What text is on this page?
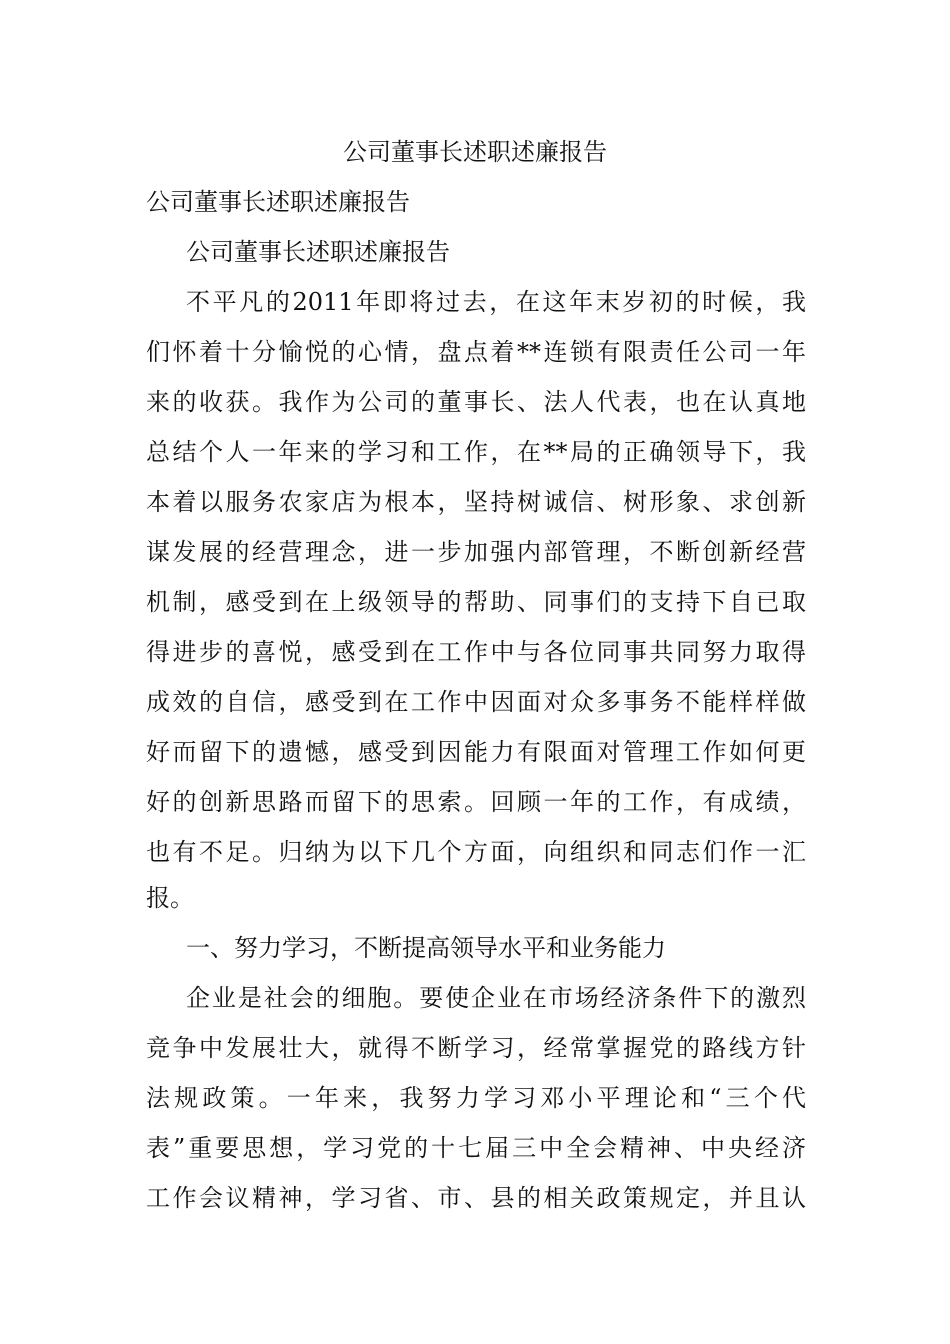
公司董事长述职述廉报告

公司董事长述职述廉报告

公司董事长述职述廉报告

不平凡的2011年即将过去，在这年末岁初的时候，我

们怀着十分愉悦的心情，盘点着**连锁有限责任公司一年

来的收获。我作为公司的董事长、法人代表，也在认真地

总结个人一年来的学习和工作，在**局的正确领导下，我

本着以服务农家店为根本，坚持树诚信、树形象、求创新

谋发展的经营理念，进一步加强内部管理，不断创新经营

机制，感受到在上级领导的帮助、同事们的支持下自已取

得进步的喜悦，感受到在工作中与各位同事共同努力取得

成效的自信，感受到在工作中因面对众多事务不能样样做

好而留下的遗憾，感受到因能力有限面对管理工作如何更

好的创新思路而留下的思索。回顾一年的工作，有成绩，

也有不足。归纳为以下几个方面，向组织和同志们作一汇

报。

一、努力学习，不断提高领导水平和业务能力

企业是社会的细胞。要使企业在市场经济条件下的激烈

竞争中发展壮大，就得不断学习，经常掌握党的路线方针

法规政策。一年来，我努力学习邓小平理论和“三个代

表”重要思想，学习党的十七届三中全会精神、中央经济

工作会议精神，学习省、市、县的相关政策规定，并且认
